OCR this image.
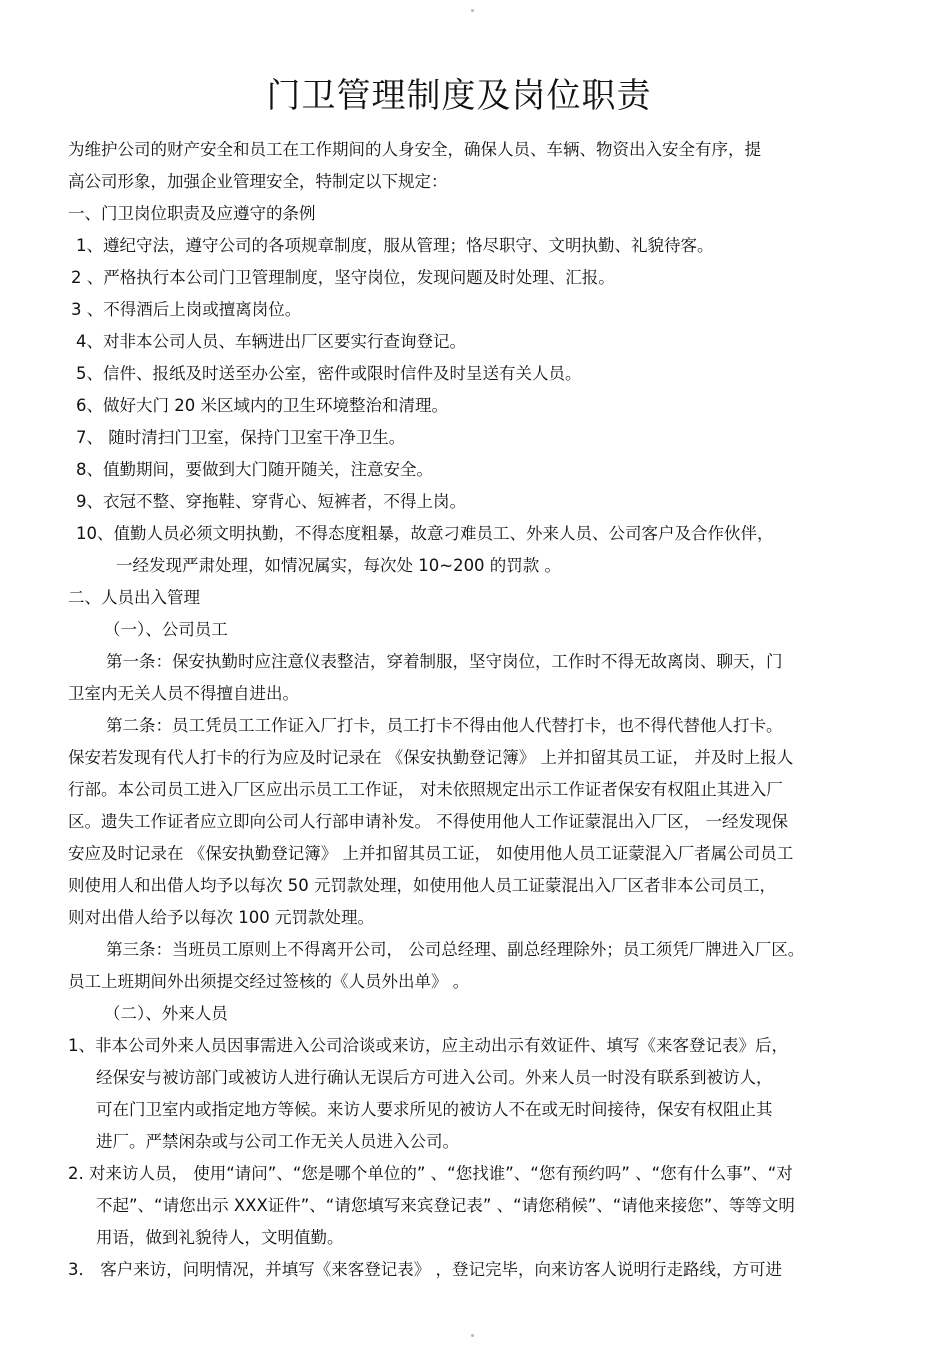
门卫管理制度及岗位职责
为维护公司的财产安全和员工在工作期间的人身安全，确保人员、车辆、物资出入安全有序，提
高公司形象，加强企业管理安全，特制定以下规定：
一、门卫岗位职责及应遵守的条例
1、遵纪守法，遵守公司的各项规章制度，服从管理；恪尽职守、文明执勤、礼貌待客。
2 、严格执行本公司门卫管理制度，坚守岗位，发现问题及时处理、汇报。
3 、不得酒后上岗或擅离岗位。
4、对非本公司人员、车辆进出厂区要实行查询登记。
5、信件、报纸及时送至办公室，密件或限时信件及时呈送有关人员。
6、做好大门 20 米区域内的卫生环境整治和清理。
7、 随时清扫门卫室，保持门卫室干净卫生。
8、值勤期间，要做到大门随开随关，注意安全。
9、衣冠不整、穿拖鞋、穿背心、短裤者，不得上岗。
10、值勤人员必须文明执勤，不得态度粗暴，故意刁难员工、外来人员、公司客户及合作伙伴，
一经发现严肃处理，如情况属实，每次处 10~200 的罚款 。
二、人员出入管理
（一）、公司员工
第一条：保安执勤时应注意仪表整洁，穿着制服，坚守岗位，工作时不得无故离岗、聊天，门
卫室内无关人员不得擅自进出。
第二条：员工凭员工工作证入厂打卡，员工打卡不得由他人代替打卡，也不得代替他人打卡。
保安若发现有代人打卡的行为应及时记录在 《保安执勤登记簿》 上并扣留其员工证， 并及时上报人
行部。本公司员工进入厂区应出示员工工作证， 对未依照规定出示工作证者保安有权阻止其进入厂
区。遗失工作证者应立即向公司人行部申请补发。 不得使用他人工作证蒙混出入厂区， 一经发现保
安应及时记录在 《保安执勤登记簿》 上并扣留其员工证， 如使用他人员工证蒙混入厂者属公司员工
则使用人和出借人均予以每次 50 元罚款处理，如使用他人员工证蒙混出入厂区者非本公司员工，
则对出借人给予以每次 100 元罚款处理。
第三条：当班员工原则上不得离开公司， 公司总经理、副总经理除外；员工须凭厂牌进入厂区。
员工上班期间外出须提交经过签核的《人员外出单》 。
（二）、外来人员
1、非本公司外来人员因事需进入公司洽谈或来访，应主动出示有效证件、填写《来客登记表》后，
经保安与被访部门或被访人进行确认无误后方可进入公司。外来人员一时没有联系到被访人，
可在门卫室内或指定地方等候。来访人要求所见的被访人不在或无时间接待，保安有权阻止其
进厂。严禁闲杂或与公司工作无关人员进入公司。
2. 对来访人员， 使用“请问”、“您是哪个单位的” 、“您找谁”、“您有预约吗” 、“您有什么事”、“对
不起”、“请您出示 XXX证件”、“请您填写来宾登记表” 、“请您稍候”、“请他来接您”、等等文明
用语，做到礼貌待人，文明值勤。
3． 客户来访，问明情况，并填写《来客登记表》 ，登记完毕，向来访客人说明行走路线，方可进
